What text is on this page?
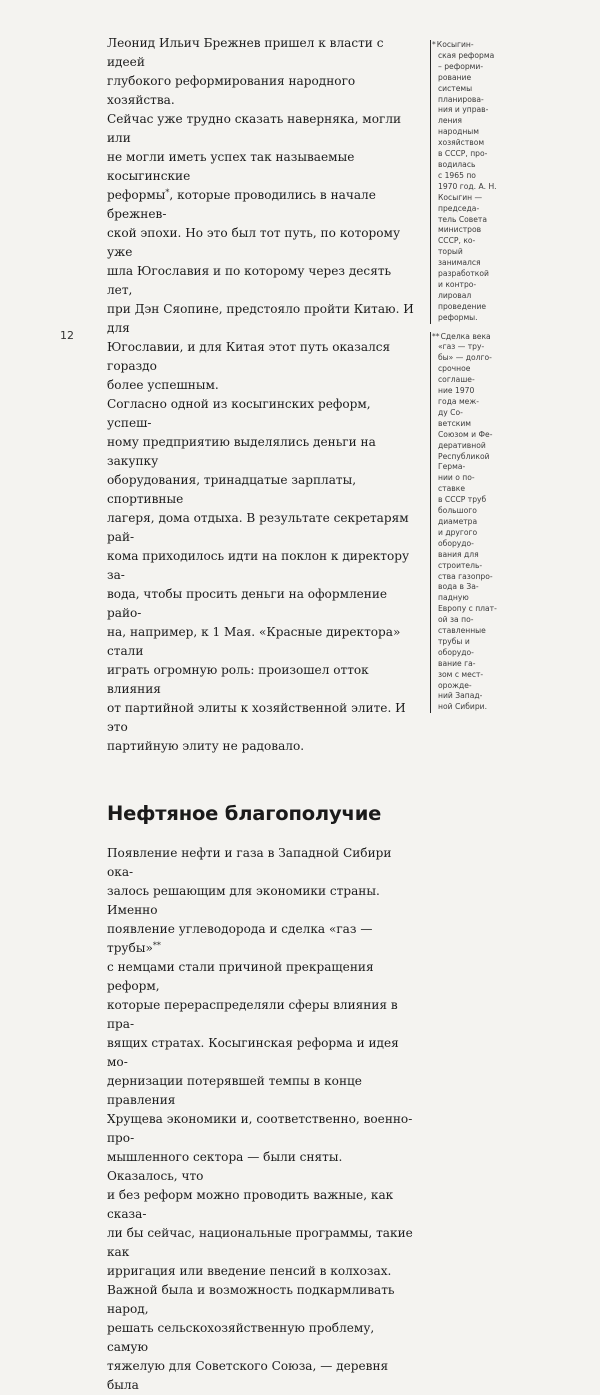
12

Леонид Ильич Брежнев пришел к власти с идеей
глубокого реформирования народного хозяйства.
Сейчас уже трудно сказать наверняка, могли или
не могли иметь успех так называемые косыгинские
реформы*, которые проводились в начале брежнев-
ской эпохи. Но это был тот путь, по которому уже
шла Югославия и по которому через десять лет,
при Дэн Сяопине, предстояло пройти Китаю. И для
Югославии, и для Китая этот путь оказался гораздо
более успешным.

Согласно одной из косыгинских реформ, успеш-
ному предприятию выделялись деньги на закупку
оборудования, тринадцатые зарплаты, спортивные
лагеря, дома отдыха. В результате секретарям рай-
кома приходилось идти на поклон к директору за-
вода, чтобы просить деньги на оформление райо-
на, например, к 1 Мая. «Красные директора» стали
играть огромную роль: произошел отток влияния
от партийной элиты к хозяйственной элите. И это
партийную элиту не радовало.

Нефтяное благополучие

Появление нефти и газа в Западной Сибири ока-
залось решающим для экономики страны. Именно
появление углеводорода и сделка «газ — трубы»**
с немцами стали причиной прекращения реформ,
которые перераспределяли сферы влияния в пра-
вящих стратах. Косыгинская реформа и идея мо-
дернизации потерявшей темпы в конце правления
Хрущева экономики и, соответственно, военно-про-
мышленного сектора — были сняты. Оказалось, что
и без реформ можно проводить важные, как сказа-
ли бы сейчас, национальные программы, такие как
ирригация или введение пенсий в колхозах.

Важной была и возможность подкармливать народ,
решать сельскохозяйственную проблему, самую
тяжелую для Советского Союза, — деревня была

*Косыгин-
ская реформа
– реформи-
рование
системы
планирова-
ния и управ-
ления
народным
хозяйством
в СССР, про-
водилась
с 1965 по
1970 год. А. Н.
Косыгин —
председа-
тель Совета
министров
СССР, ко-
торый
занимался
разработкой
и контро-
лировал
проведение
реформы.
**Сделка века
«газ — тру-
бы» — долго-
срочное
соглаше-
ние 1970
года меж-
ду Со-
ветским
Союзом и Фе-
деративной
Республикой
Герма-
нии о по-
ставке
в СССР труб
большого
диаметра
и другого
оборудо-
вания для
строитель-
ства газопро-
вода в За-
падную
Европу с плат-
ой за по-
ставленные
трубы и
оборудо-
вание га-
зом с мест-
орожде-
ний Запад-
ной Сибири.
